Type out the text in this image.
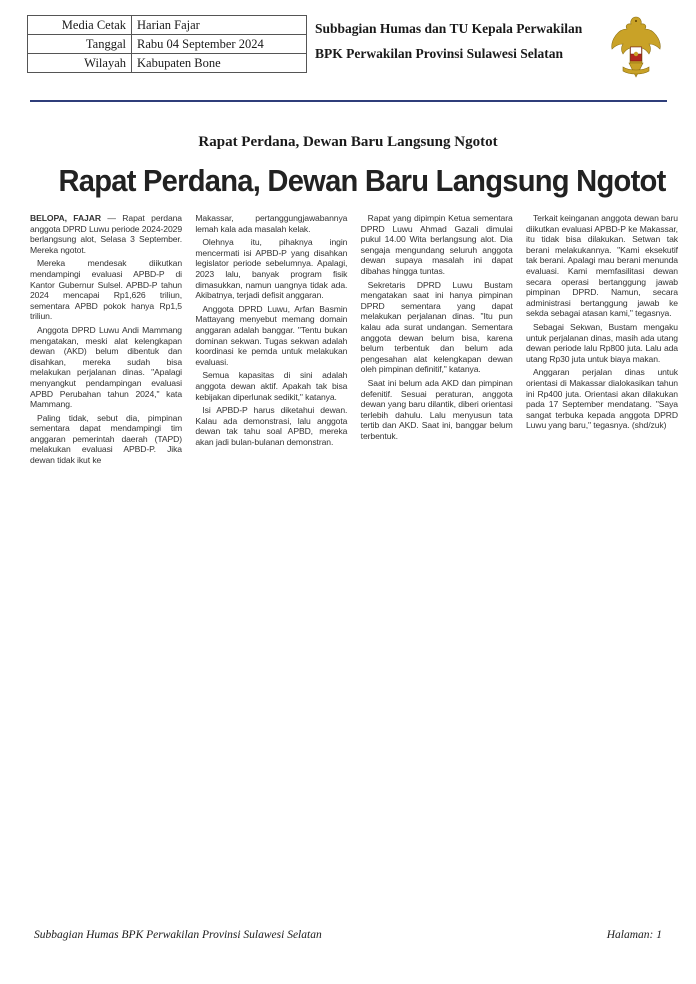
Media Cetak	Harian Fajar
Tanggal	Rabu 04 September 2024
Wilayah	Kabupaten Bone
Subbagian Humas dan TU Kepala Perwakilan
BPK Perwakilan Provinsi Sulawesi Selatan
Rapat Perdana, Dewan Baru Langsung Ngotot
Rapat Perdana, Dewan Baru Langsung Ngotot

BELOPA, FAJAR — Rapat perdana anggota DPRD Luwu periode 2024-2029 berlangsung alot, Selasa 3 September. Mereka ngotot.

Mereka mendesak diikutkan mendampingi evaluasi APBD-P di Kantor Gubernur Sulsel. APBD-P tahun 2024 mencapai Rp1,626 triliun, sementara APBD pokok hanya Rp1,5 triliun.

Anggota DPRD Luwu Andi Mammang mengatakan, meski alat kelengkapan dewan (AKD) belum dibentuk dan disahkan, mereka sudah bisa melakukan perjalanan dinas. "Apalagi menyangkut pendampingan evaluasi APBD Perubahan tahun 2024," kata Mammang.

Paling tidak, sebut dia, pimpinan sementara dapat mendampingi tim anggaran pemerintah daerah (TAPD) melakukan evaluasi APBD-P. Jika dewan tidak ikut ke

Makassar, pertanggungjawabannya lemah kala ada masalah kelak.

Olehnya itu, pihaknya ingin mencermati isi APBD-P yang disahkan legislator periode sebelumnya. Apalagi, 2023 lalu, banyak program fisik dimasukkan, namun uangnya tidak ada. Akibatnya, terjadi defisit anggaran.

Anggota DPRD Luwu, Arfan Basmin Mattayang menyebut memang domain anggaran adalah banggar. "Tentu bukan dominan sekwan. Tugas sekwan adalah koordinasi ke pemda untuk melakukan evaluasi.

Semua kapasitas di sini adalah anggota dewan aktif. Apakah tak bisa kebijakan diperlunak sedikit," katanya.

Isi APBD-P harus diketahui dewan. Kalau ada demonstrasi, lalu anggota dewan tak tahu soal APBD, mereka akan jadi bulan-bulanan demonstran.

Rapat yang dipimpin Ketua sementara DPRD Luwu Ahmad Gazali dimulai pukul 14.00 Wita berlangsung alot. Dia sengaja mengundang seluruh anggota dewan supaya masalah ini dapat dibahas hingga tuntas.

Sekretaris DPRD Luwu Bustam mengatakan saat ini hanya pimpinan DPRD sementara yang dapat melakukan perjalanan dinas. "Itu pun kalau ada surat undangan. Sementara anggota dewan belum bisa, karena belum terbentuk dan belum ada pengesahan alat kelengkapan dewan oleh pimpinan definitif," katanya.

Saat ini belum ada AKD dan pimpinan defenitif. Sesuai peraturan, anggota dewan yang baru dilantik, diberi orientasi terlebih dahulu. Lalu menyusun tata tertib dan AKD. Saat ini, banggar belum terbentuk.

Terkait keinganan anggota dewan baru diikutkan evaluasi APBD-P ke Makassar, itu tidak bisa dilakukan. Setwan tak berani melakukannya. "Kami eksekutif tak berani. Apalagi mau berani menunda evaluasi. Kami memfasilitasi dewan secara operasi bertanggung jawab pimpinan DPRD. Namun, secara administrasi bertanggung jawab ke sekda sebagai atasan kami," tegasnya.

Sebagai Sekwan, Bustam mengaku untuk perjalanan dinas, masih ada utang dewan periode lalu Rp800 juta. Lalu ada utang Rp30 juta untuk biaya makan.

Anggaran perjalan dinas untuk orientasi di Makassar dialokasikan tahun ini Rp400 juta. Orientasi akan dilakukan pada 17 September mendatang. "Saya sangat terbuka kepada anggota DPRD Luwu yang baru," tegasnya. (shd/zuk)

Subbagian Humas BPK Perwakilan Provinsi Sulawesi Selatan	Halaman: 1
